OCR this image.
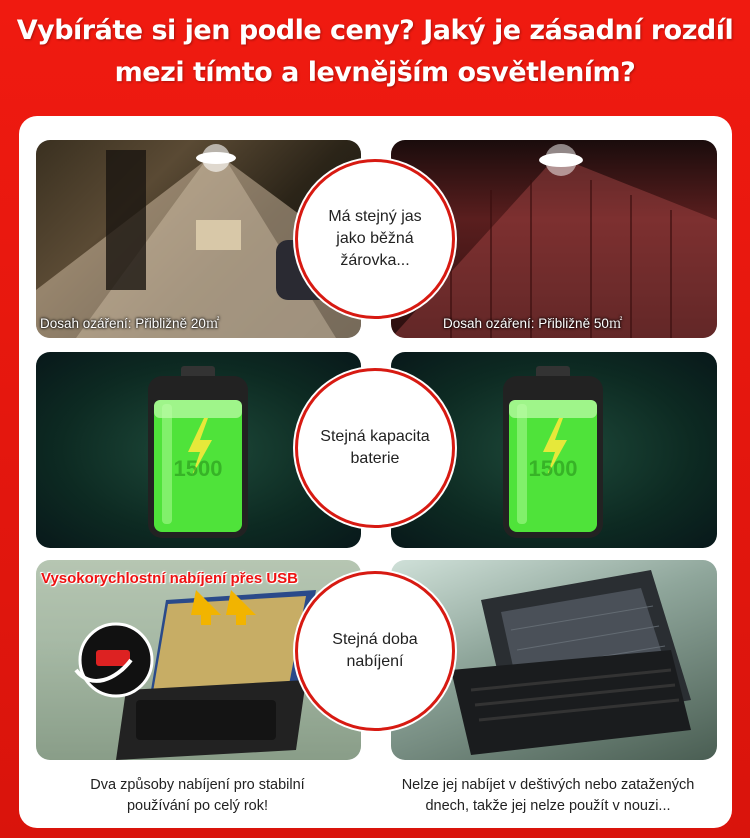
Vybíráte si jen podle ceny? Jaký je zásadní rozdíl
mezi tímto a levnějším osvětlením?
Dosah ozáření: Přibližně 20㎡	Dosah ozáření: Přibližně 50㎡
Má stejný jas jako běžná žárovka...
1500	1500
Stejná kapacita baterie
Vysokorychlostní nabíjení přes USB
Stejná doba nabíjení
Dva způsoby nabíjení pro stabilní používání po celý rok!
Nelze jej nabíjet v deštivých nebo zatažených dnech, takže jej nelze použít v nouzi...
